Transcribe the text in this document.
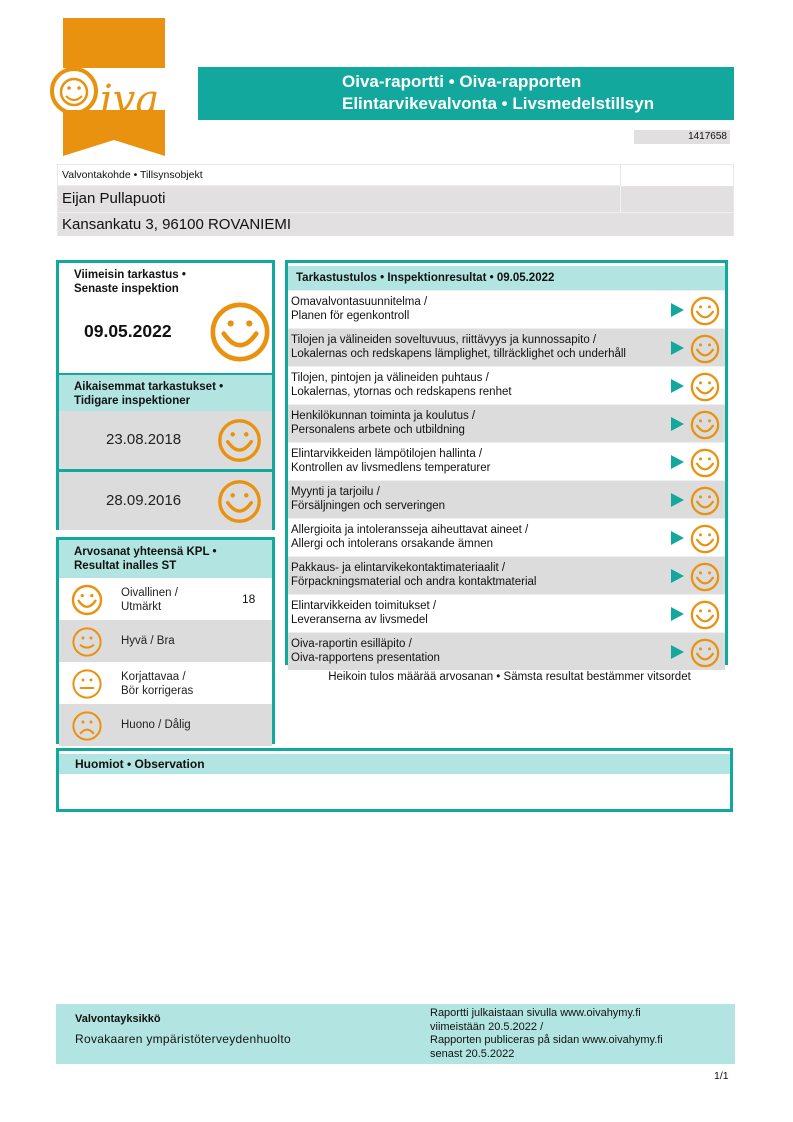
iva	Oiva-raportti • Oiva-rapporten
Elintarvikevalvonta • Livsmedelstillsyn
1417658
Valvontakohde • Tillsynsobjekt
Eijan Pullapuoti
Kansankatu 3, 96100 ROVANIEMI
Viimeisin tarkastus •
Senaste inspektion
09.05.2022
Aikaisemmat tarkastukset •
Tidigare inspektioner
23.08.2018
28.09.2016
Arvosanat yhteensä KPL •
Resultat inalles ST
Oivallinen /
Utmärkt
18
Hyvä / Bra
Korjattavaa /
Bör korrigeras
Huono / Dålig
Tarkastustulos • Inspektionresultat • 09.05.2022
Omavalvontasuunnitelma /
Planen för egenkontroll
Tilojen ja välineiden soveltuvuus, riittävyys ja kunnossapito /
Lokalernas och redskapens lämplighet, tillräcklighet och underhåll
Tilojen, pintojen ja välineiden puhtaus /
Lokalernas, ytornas och redskapens renhet
Henkilökunnan toiminta ja koulutus /
Personalens arbete och utbildning
Elintarvikkeiden lämpötilojen hallinta /
Kontrollen av livsmedlens temperaturer
Myynti ja tarjoilu /
Försäljningen och serveringen
Allergioita ja intoleransseja aiheuttavat aineet /
Allergi och intolerans orsakande ämnen
Pakkaus- ja elintarvikekontaktimateriaalit /
Förpackningsmaterial och andra kontaktmaterial
Elintarvikkeiden toimitukset /
Leveranserna av livsmedel
Oiva-raportin esilläpito /
Oiva-rapportens presentation
Heikoin tulos määrää arvosanan • Sämsta resultat bestämmer vitsordet
Huomiot • Observation
Valvontayksikkö
Rovakaaren ympäristöterveydenhuolto
Raportti julkaistaan sivulla www.oivahymy.fi
viimeistään 20.5.2022 /
Rapporten publiceras på sidan www.oivahymy.fi
senast 20.5.2022
1/1
